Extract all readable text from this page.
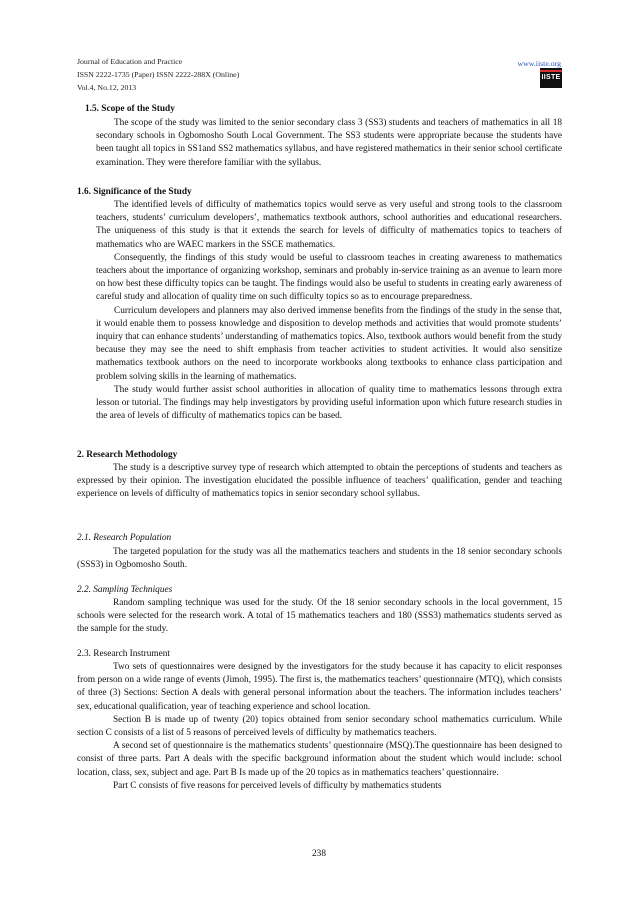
Journal of Education and Practice
ISSN 2222-1735 (Paper) ISSN 2222-288X (Online)
Vol.4, No.12, 2013
www.iiste.org
IISTE
1.5. Scope of the Study

The scope of the study was limited to the senior secondary class 3 (SS3) students and teachers of mathematics in all 18 secondary schools in Ogbomosho South Local Government. The SS3 students were appropriate because the students have been taught all topics in SS1and SS2 mathematics syllabus, and have registered mathematics in their senior school certificate examination. They were therefore familiar with the syllabus.

1.6. Significance of the Study

The identified levels of difficulty of mathematics topics would serve as very useful and strong tools to the classroom teachers, students’ curriculum developers’, mathematics textbook authors, school authorities and educational researchers. The uniqueness of this study is that it extends the search for levels of difficulty of mathematics topics to teachers of mathematics who are WAEC markers in the SSCE mathematics.

Consequently, the findings of this study would be useful to classroom teaches in creating awareness to mathematics teachers about the importance of organizing workshop, seminars and probably in-service training as an avenue to learn more on how best these difficulty topics can be taught. The findings would also be useful to students in creating early awareness of careful study and allocation of quality time on such difficulty topics so as to encourage preparedness.

Curriculum developers and planners may also derived immense benefits from the findings of the study in the sense that, it would enable them to possess knowledge and disposition to develop methods and activities that would promote students’ inquiry that can enhance students’ understanding of mathematics topics. Also, textbook authors would benefit from the study because they may see the need to shift emphasis from teacher activities to student activities. It would also sensitize mathematics textbook authors on the need to incorporate workbooks along textbooks to enhance class participation and problem solving skills in the learning of mathematics.

The study would further assist school authorities in allocation of quality time to mathematics lessons through extra lesson or tutorial. The findings may help investigators by providing useful information upon which future research studies in the area of levels of difficulty of mathematics topics can be based.

2. Research Methodology

The study is a descriptive survey type of research which attempted to obtain the perceptions of students and teachers as expressed by their opinion. The investigation elucidated the possible influence of teachers’ qualification, gender and teaching experience on levels of difficulty of mathematics topics in senior secondary school syllabus.

2.1. Research Population

The targeted population for the study was all the mathematics teachers and students in the 18 senior secondary schools (SSS3) in Ogbomosho South.

2.2. Sampling Techniques

Random sampling technique was used for the study. Of the 18 senior secondary schools in the local government, 15 schools were selected for the research work. A total of 15 mathematics teachers and 180 (SSS3) mathematics students served as the sample for the study.

2.3. Research Instrument

Two sets of questionnaires were designed by the investigators for the study because it has capacity to elicit responses from person on a wide range of events (Jimoh, 1995). The first is, the mathematics teachers’ questionnaire (MTQ), which consists of three (3) Sections: Section A deals with general personal information about the teachers. The information includes teachers’ sex, educational qualification, year of teaching experience and school location.

Section B is made up of twenty (20) topics obtained from senior secondary school mathematics curriculum. While section C consists of a list of 5 reasons of perceived levels of difficulty by mathematics teachers.

A second set of questionnaire is the mathematics students’ questionnaire (MSQ).The questionnaire has been designed to consist of three parts. Part A deals with the specific background information about the student which would include: school location, class, sex, subject and age. Part B Is made up of the 20 topics as in mathematics teachers’ questionnaire.

Part C consists of five reasons for perceived levels of difficulty by mathematics students

238
